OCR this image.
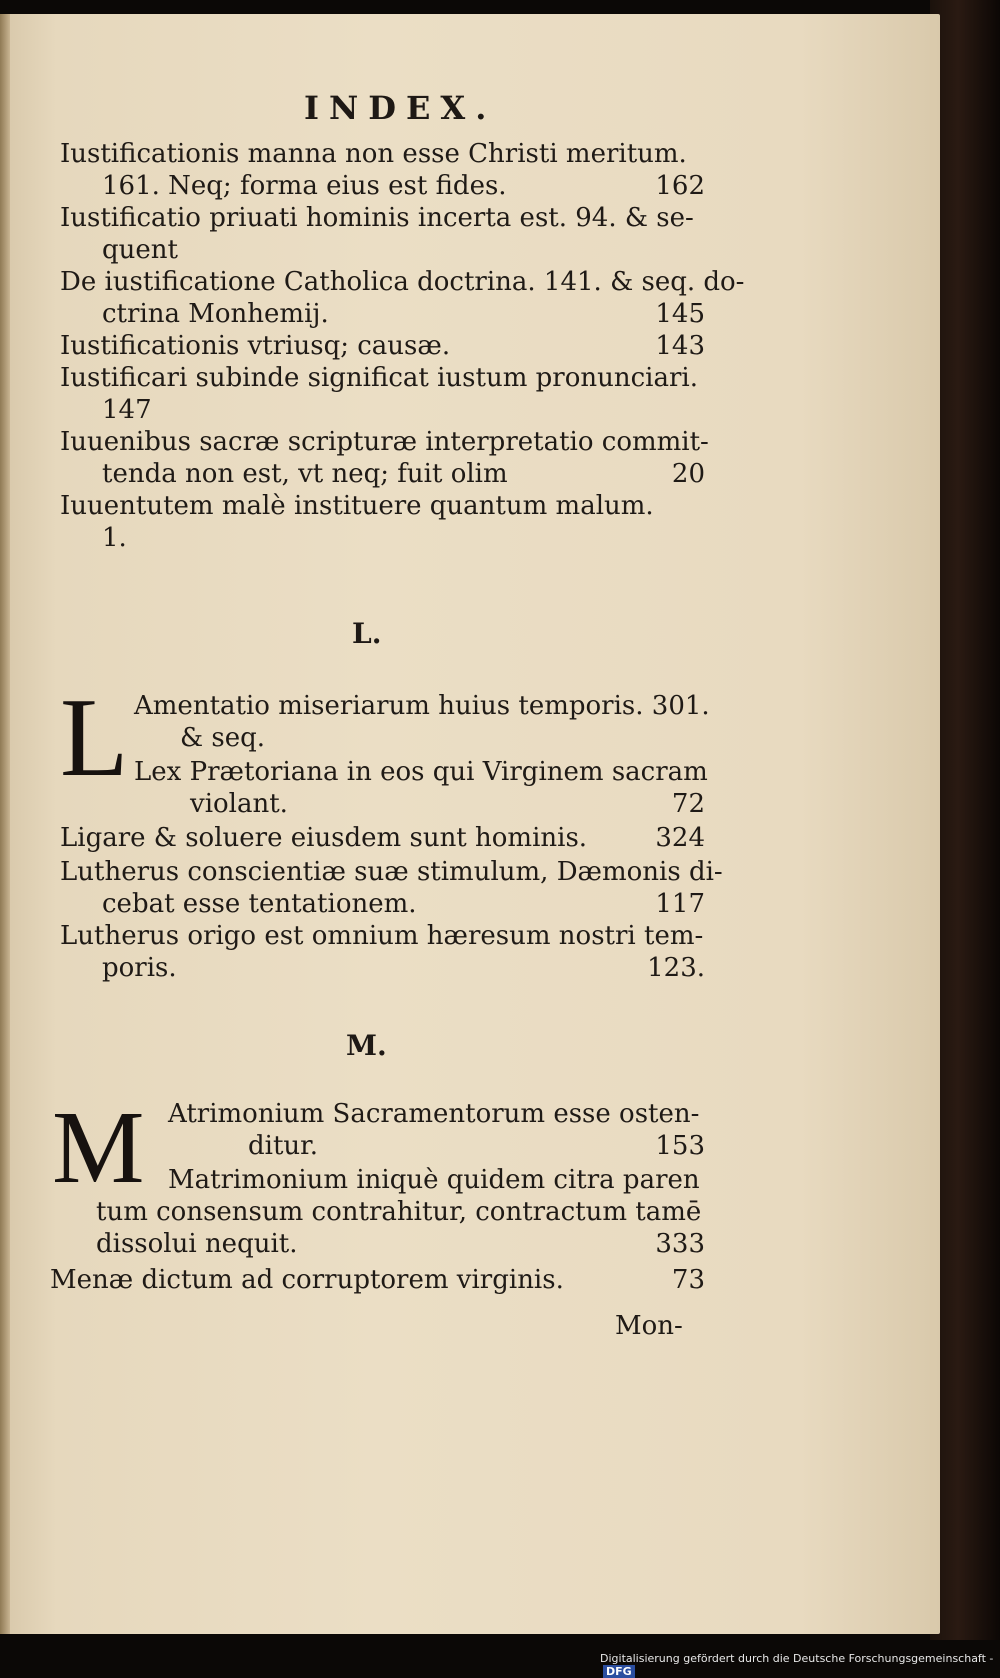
INDEX.
Iustificationis manna non esse Christi meritum.
161. Neq; forma eius est fides.	162
Iustificatio priuati hominis incerta est. 94. & se-
quent
De iustificatione Catholica doctrina. 141. & seq. do-
ctrina Monhemij.	145
Iustificationis vtriusq; causæ.	143
Iustificari subinde significat iustum pronunciari.
147
Iuuenibus sacræ scripturæ interpretatio commit-
tenda non est, vt neq; fuit olim	20
Iuuentutem malè instituere quantum malum.
1.
L.
L Amentatio miseriarum huius temporis. 301.
& seq.
Lex Prætoriana in eos qui Virginem sacram
violant.	72
Ligare & soluere eiusdem sunt hominis.	324
Lutherus conscientiæ suæ stimulum, Dæmonis di-
cebat esse tentationem.	117
Lutherus origo est omnium hæresum nostri tem-
poris.	123.
M.
M Atrimonium Sacramentorum esse osten-
ditur.	153
Matrimonium iniquè quidem citra paren
tum consensum contrahitur, contractum tamē
dissolui nequit.	333
Menæ dictum ad corruptorem virginis.	73
Mon-
Digitalisierung gefördert durch die Deutsche Forschungsgemeinschaft -DFG
